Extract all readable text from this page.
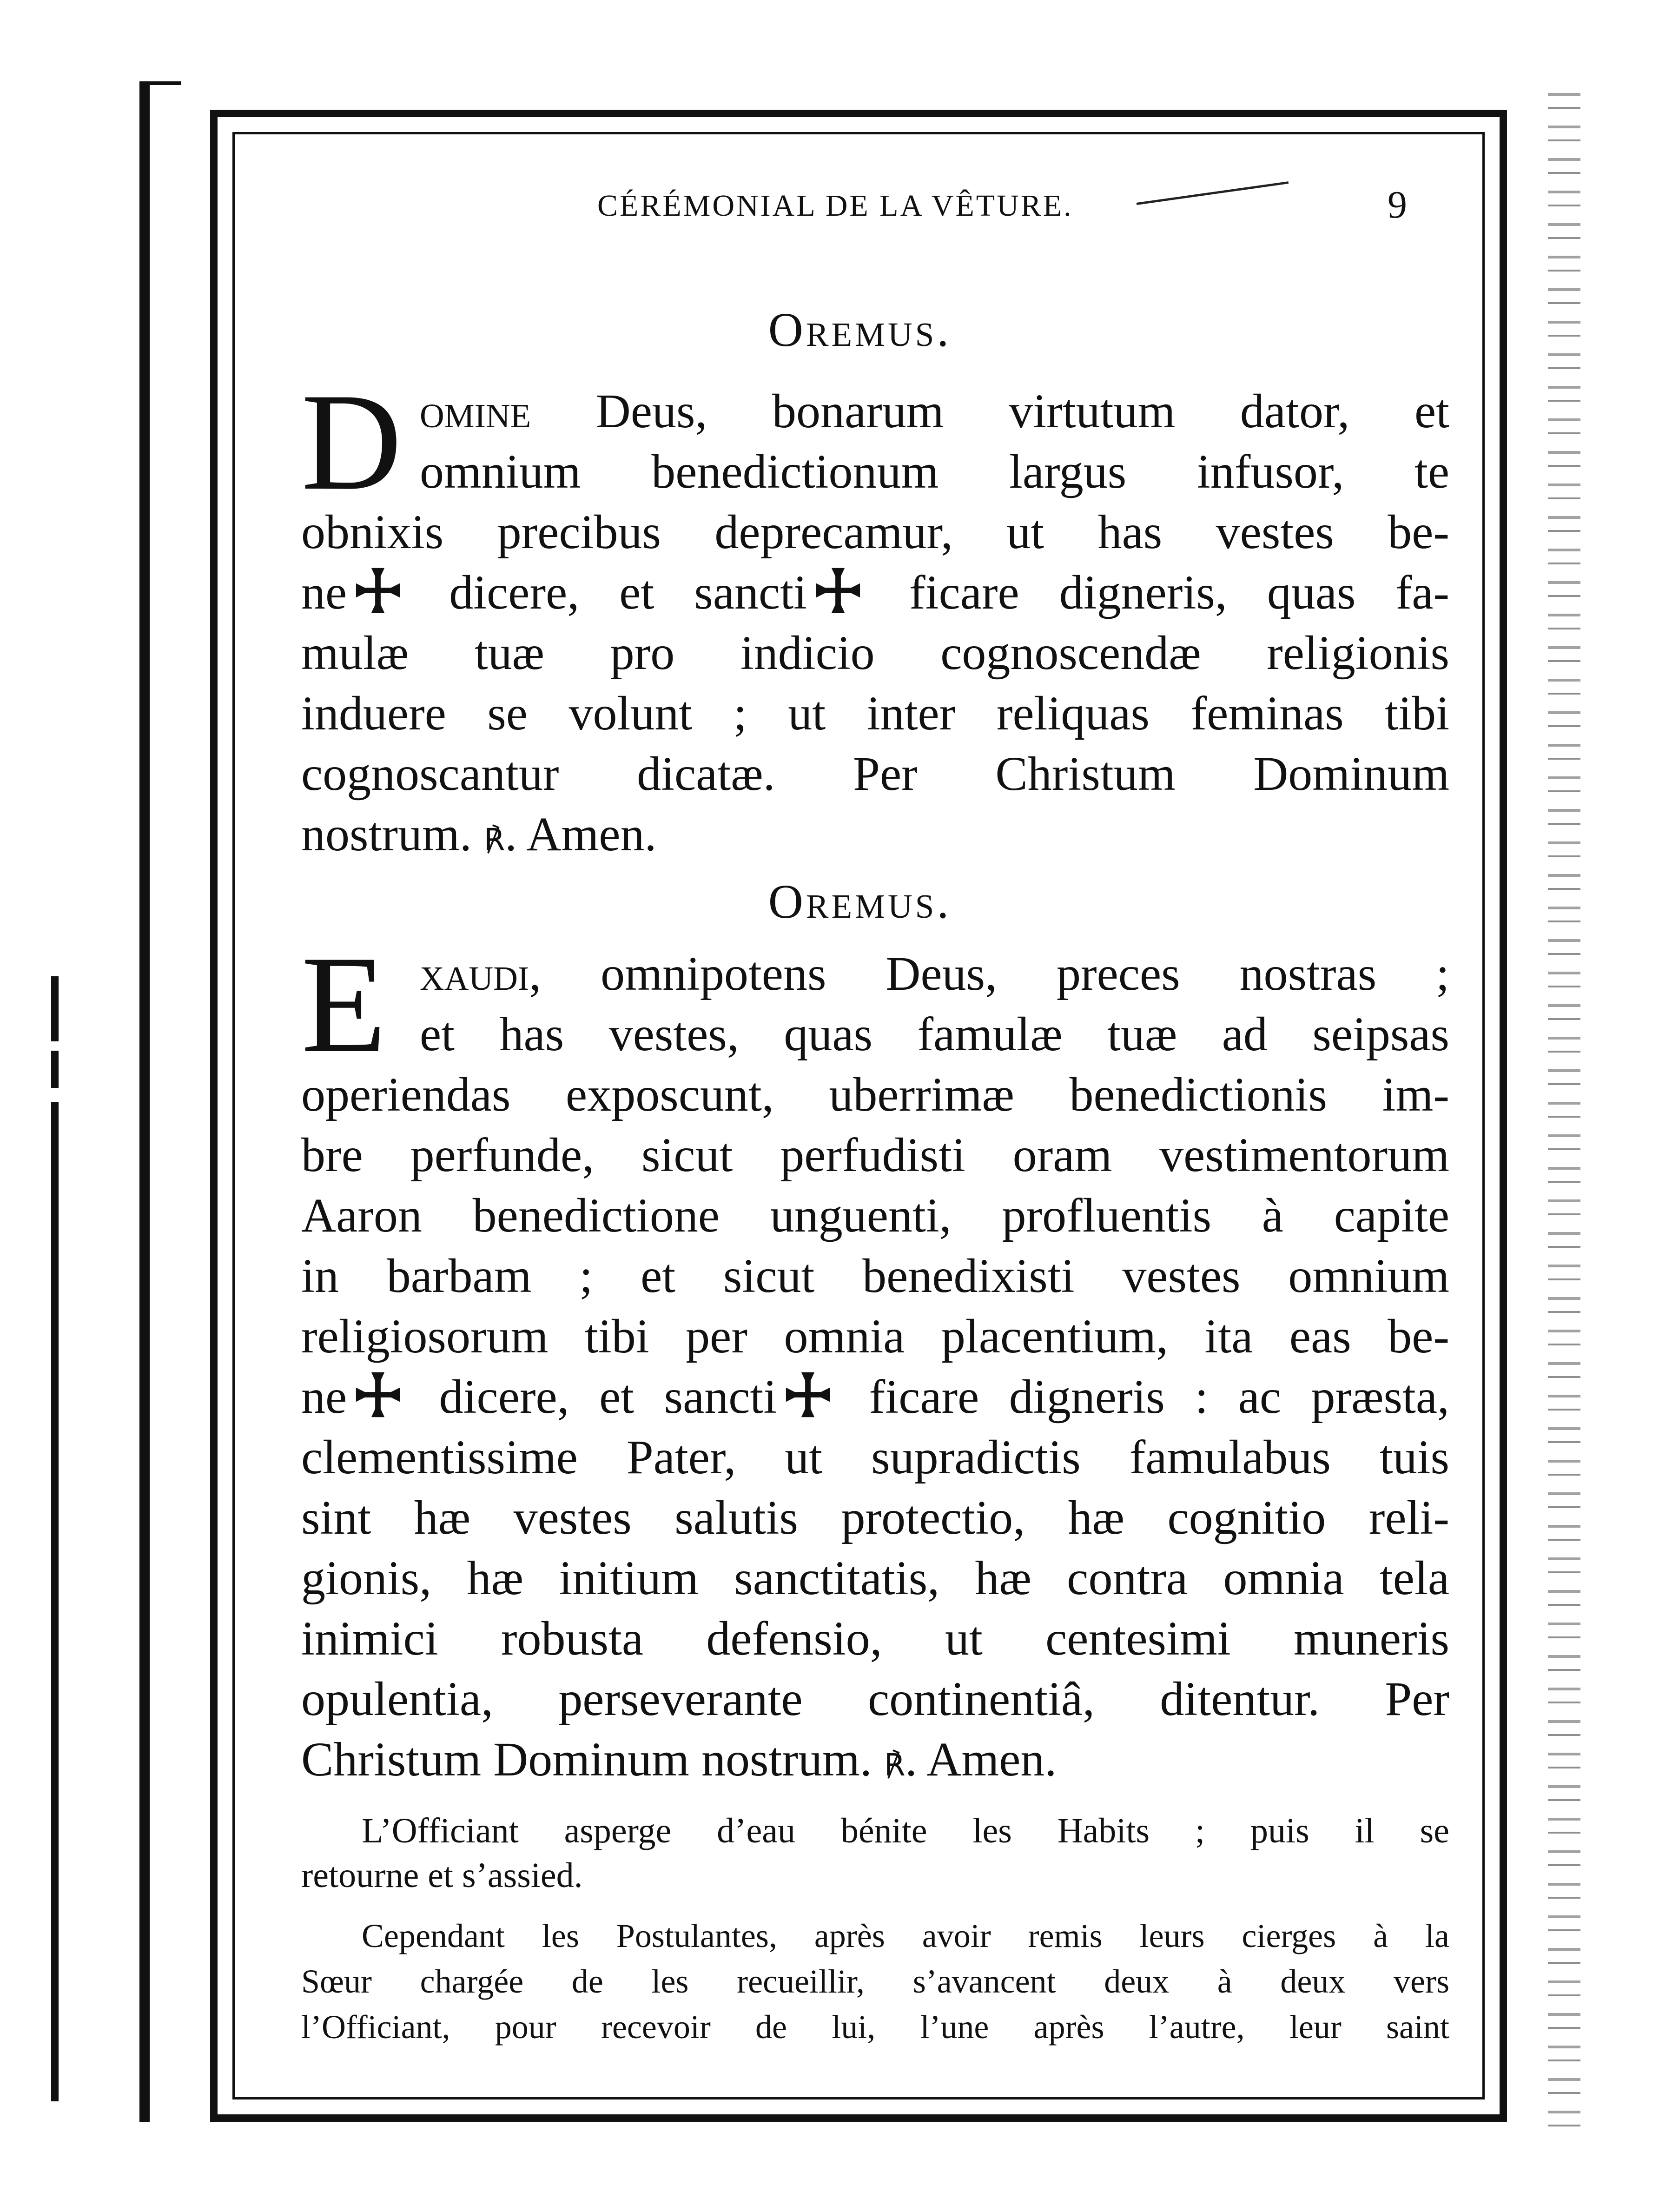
CÉRÉMONIAL DE LA VÊTURE.	9
Oremus.
D omine Deus, bonarum virtutum dator, et
omnium benedictionum largus infusor, te
obnixis precibus deprecamur, ut has vestes be-
ne dicere, et sancti ficare digneris, quas fa-
mulæ tuæ pro indicio cognoscendæ religionis
induere se volunt ; ut inter reliquas feminas tibi
cognoscantur dicatæ. Per Christum Dominum
nostrum. ℟. Amen.
Oremus.
E xaudi, omnipotens Deus, preces nostras ;
et has vestes, quas famulæ tuæ ad seipsas
operiendas exposcunt, uberrimæ benedictionis im-
bre perfunde, sicut perfudisti oram vestimentorum
Aaron benedictione unguenti, profluentis à capite
in barbam ; et sicut benedixisti vestes omnium
religiosorum tibi per omnia placentium, ita eas be-
ne dicere, et sancti ficare digneris : ac præsta,
clementissime Pater, ut supradictis famulabus tuis
sint hæ vestes salutis protectio, hæ cognitio reli-
gionis, hæ initium sanctitatis, hæ contra omnia tela
inimici robusta defensio, ut centesimi muneris
opulentia, perseverante continentiâ, ditentur. Per
Christum Dominum nostrum. ℟. Amen.
L’Officiant asperge d’eau bénite les Habits ; puis il se
retourne et s’assied.
Cependant les Postulantes, après avoir remis leurs cierges à la
Sœur chargée de les recueillir, s’avancent deux à deux vers
l’Officiant, pour recevoir de lui, l’une après l’autre, leur saint
